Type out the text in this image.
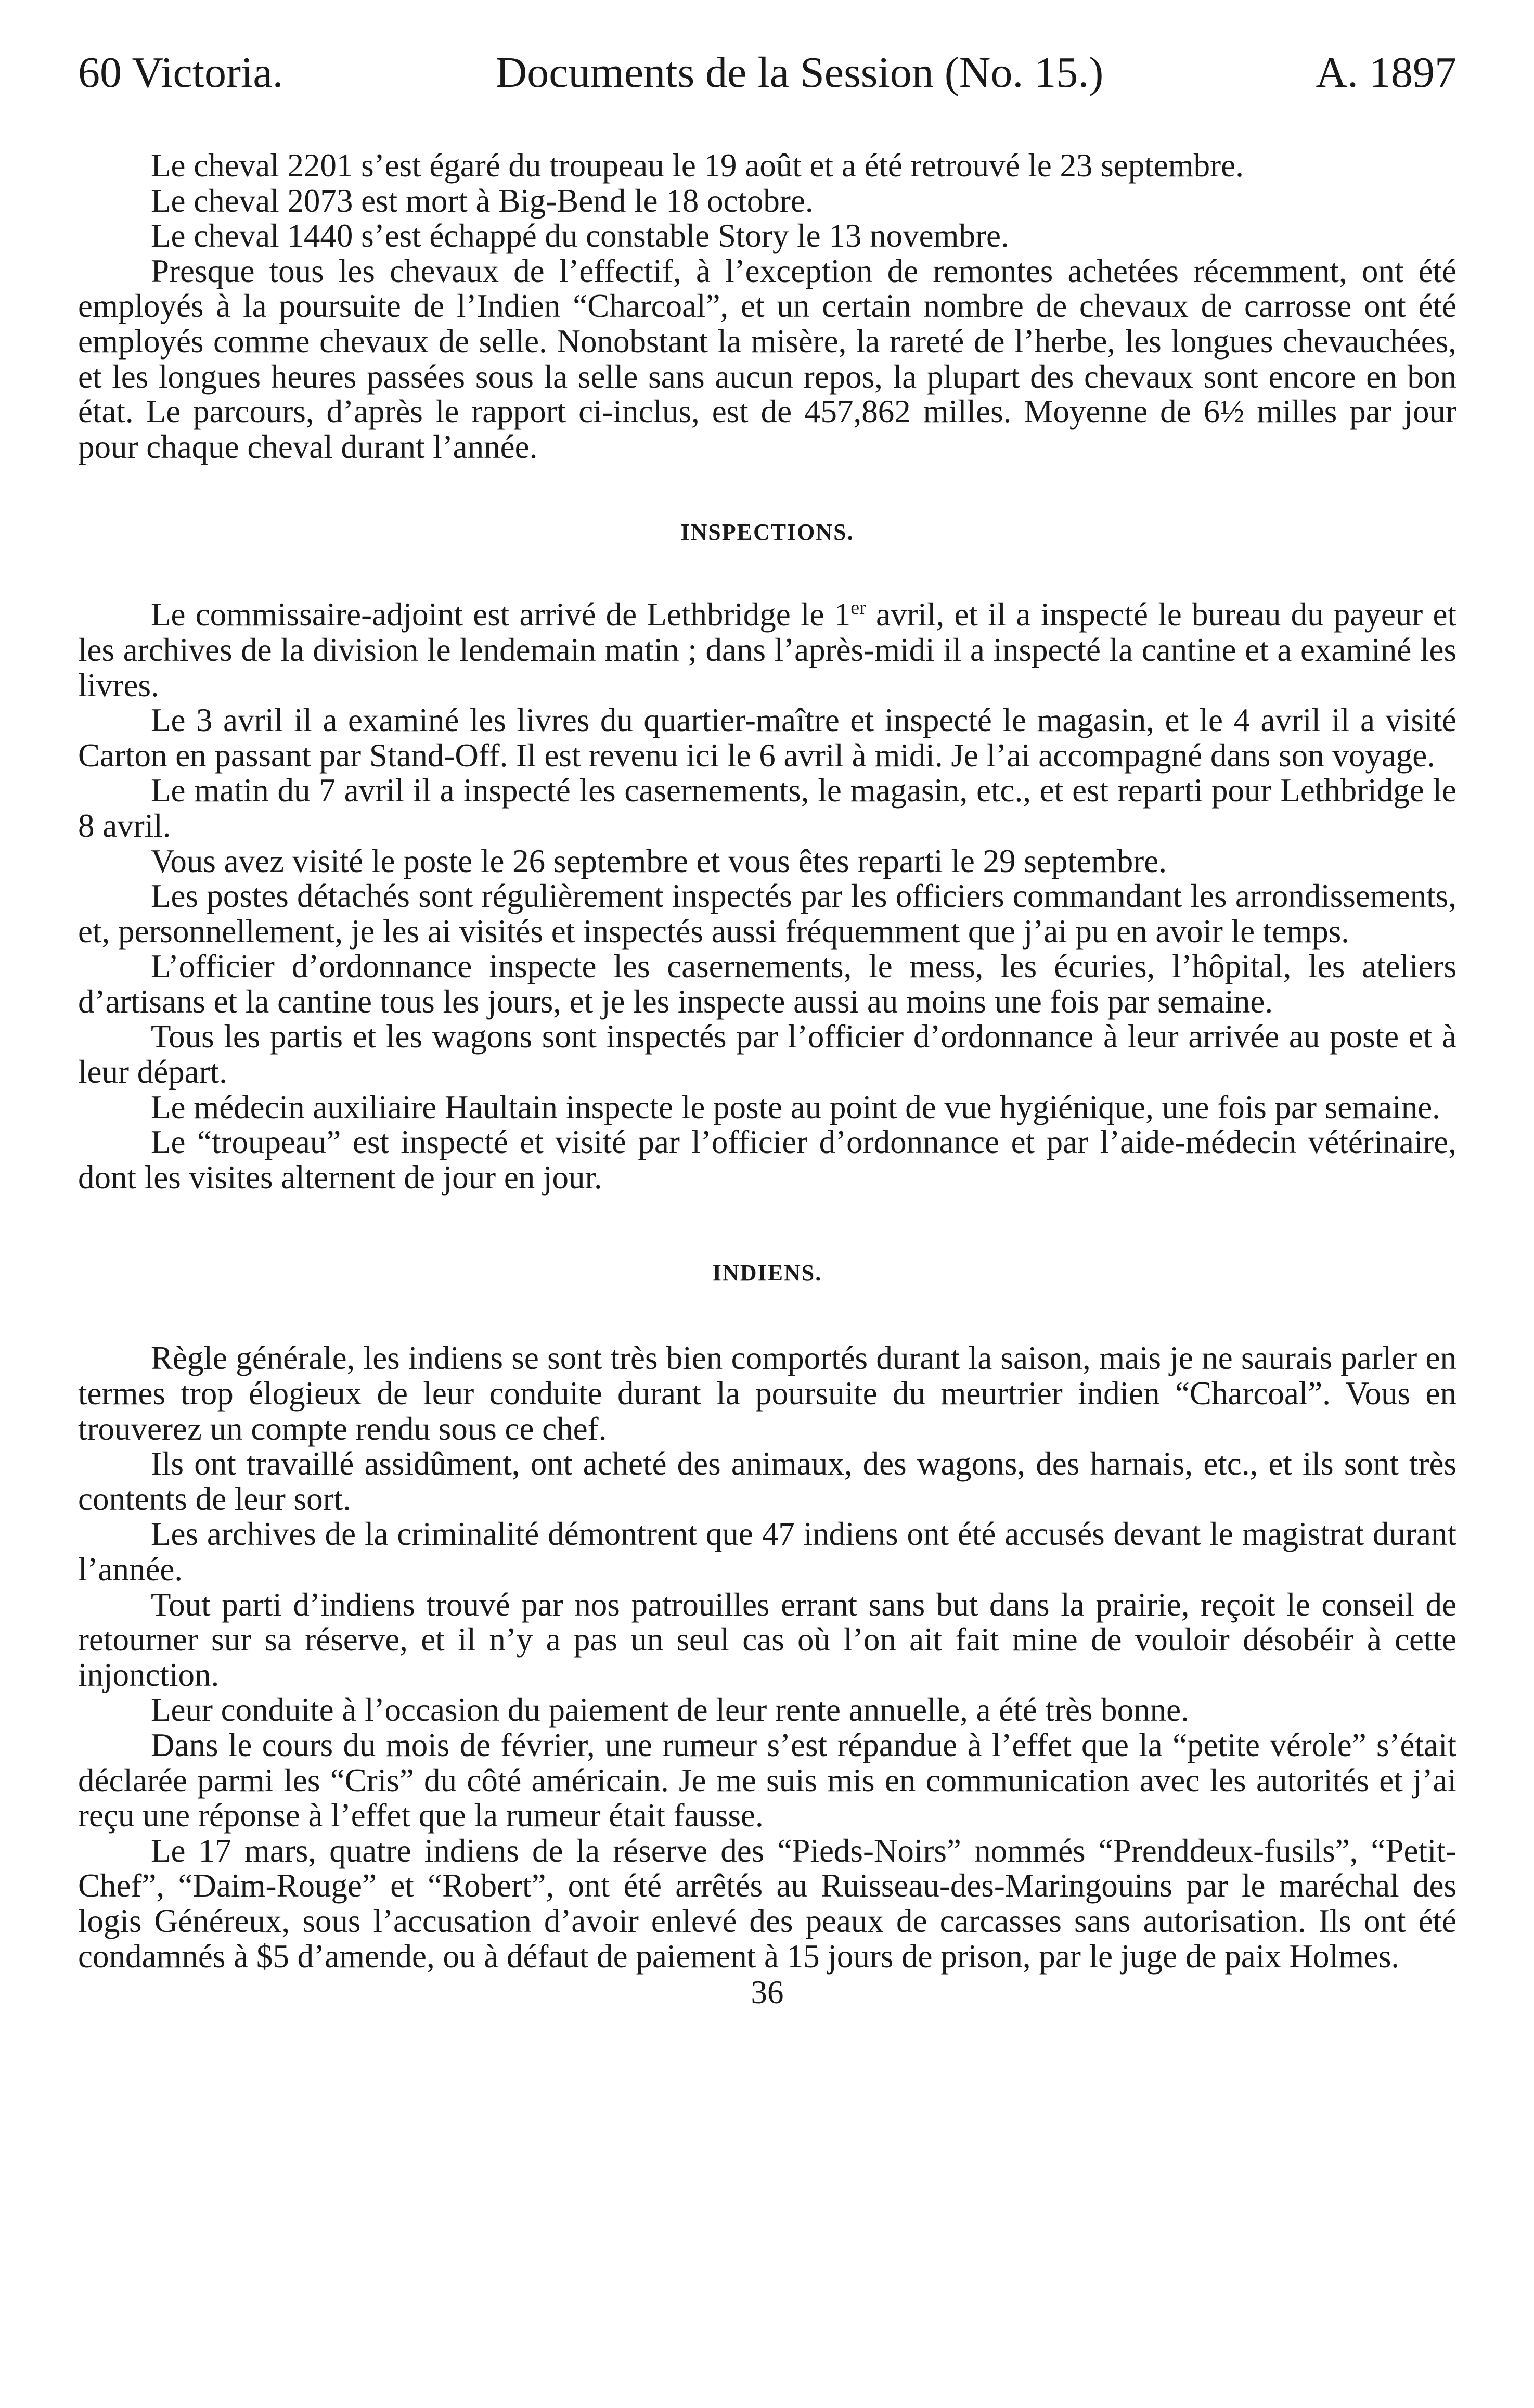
60 Victoria.	Documents de la Session (No. 15.)	A. 1897

Le cheval 2201 s’est égaré du troupeau le 19 août et a été retrouvé le 23 septembre.

Le cheval 2073 est mort à Big-Bend le 18 octobre.

Le cheval 1440 s’est échappé du constable Story le 13 novembre.

Presque tous les chevaux de l’effectif, à l’exception de remontes achetées récemment, ont été employés à la poursuite de l’Indien “Charcoal”, et un certain nombre de chevaux de carrosse ont été employés comme chevaux de selle. Nonobstant la misère, la rareté de l’herbe, les longues chevauchées, et les longues heures passées sous la selle sans aucun repos, la plupart des chevaux sont encore en bon état. Le parcours, d’après le rapport ci-inclus, est de 457,862 milles. Moyenne de 6½ milles par jour pour chaque cheval durant l’année.

INSPECTIONS.

Le commissaire-adjoint est arrivé de Lethbridge le 1er avril, et il a inspecté le bureau du payeur et les archives de la division le lendemain matin ; dans l’après-midi il a inspecté la cantine et a examiné les livres.

Le 3 avril il a examiné les livres du quartier-maître et inspecté le magasin, et le 4 avril il a visité Carton en passant par Stand-Off. Il est revenu ici le 6 avril à midi. Je l’ai accompagné dans son voyage.

Le matin du 7 avril il a inspecté les casernements, le magasin, etc., et est reparti pour Lethbridge le 8 avril.

Vous avez visité le poste le 26 septembre et vous êtes reparti le 29 septembre.

Les postes détachés sont régulièrement inspectés par les officiers commandant les arrondissements, et, personnellement, je les ai visités et inspectés aussi fréquemment que j’ai pu en avoir le temps.

L’officier d’ordonnance inspecte les casernements, le mess, les écuries, l’hôpital, les ateliers d’artisans et la cantine tous les jours, et je les inspecte aussi au moins une fois par semaine.

Tous les partis et les wagons sont inspectés par l’officier d’ordonnance à leur arrivée au poste et à leur départ.

Le médecin auxiliaire Haultain inspecte le poste au point de vue hygiénique, une fois par semaine.

Le “troupeau” est inspecté et visité par l’officier d’ordonnance et par l’aide-médecin vétérinaire, dont les visites alternent de jour en jour.

INDIENS.

Règle générale, les indiens se sont très bien comportés durant la saison, mais je ne saurais parler en termes trop élogieux de leur conduite durant la poursuite du meurtrier indien “Charcoal”. Vous en trouverez un compte rendu sous ce chef.

Ils ont travaillé assidûment, ont acheté des animaux, des wagons, des harnais, etc., et ils sont très contents de leur sort.

Les archives de la criminalité démontrent que 47 indiens ont été accusés devant le magistrat durant l’année.

Tout parti d’indiens trouvé par nos patrouilles errant sans but dans la prairie, reçoit le conseil de retourner sur sa réserve, et il n’y a pas un seul cas où l’on ait fait mine de vouloir désobéir à cette injonction.

Leur conduite à l’occasion du paiement de leur rente annuelle, a été très bonne.

Dans le cours du mois de février, une rumeur s’est répandue à l’effet que la “petite vérole” s’était déclarée parmi les “Cris” du côté américain. Je me suis mis en communication avec les autorités et j’ai reçu une réponse à l’effet que la rumeur était fausse.

Le 17 mars, quatre indiens de la réserve des “Pieds-Noirs” nommés “Prenddeux-fusils”, “Petit-Chef”, “Daim-Rouge” et “Robert”, ont été arrêtés au Ruisseau-des-Maringouins par le maréchal des logis Généreux, sous l’accusation d’avoir enlevé des peaux de carcasses sans autorisation. Ils ont été condamnés à $5 d’amende, ou à défaut de paiement à 15 jours de prison, par le juge de paix Holmes.

36
